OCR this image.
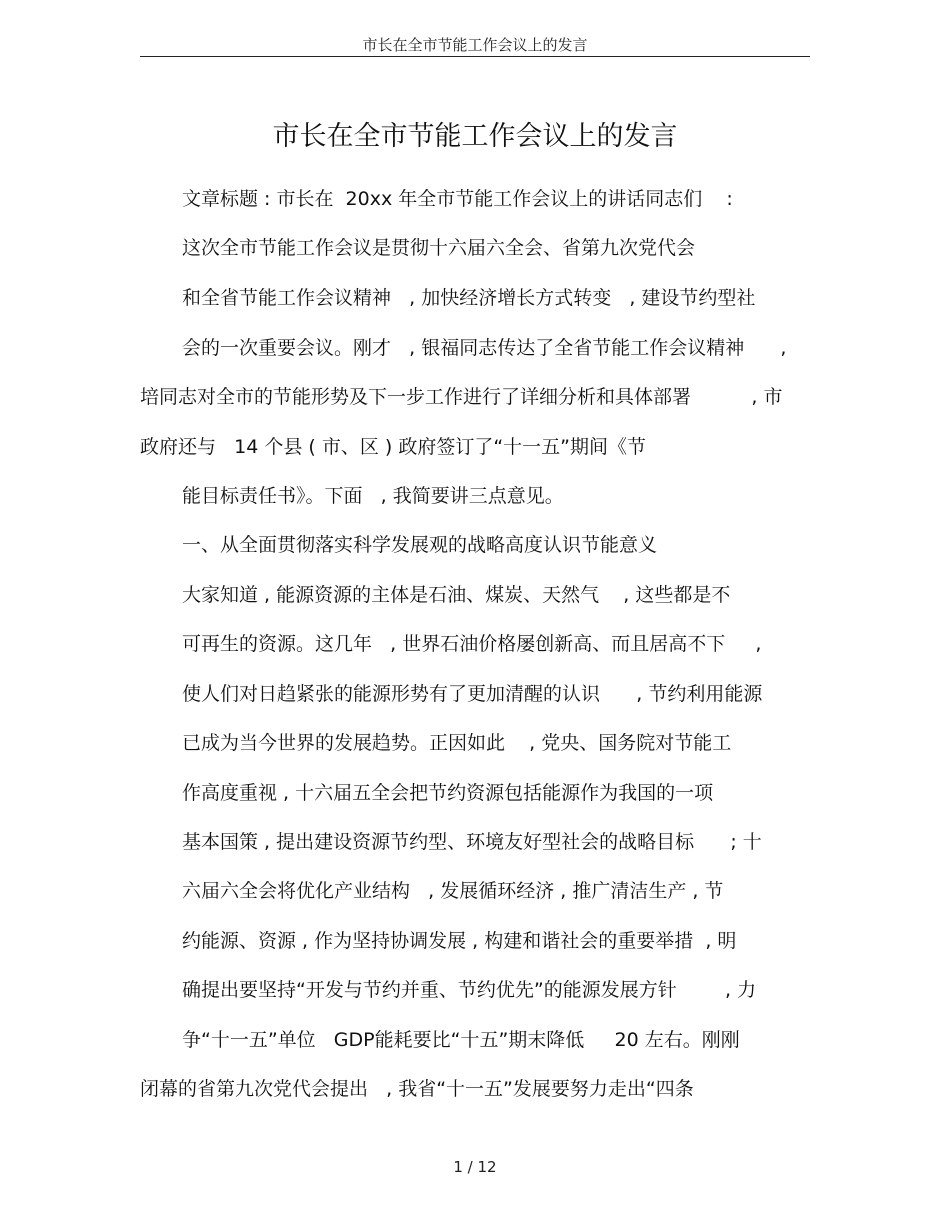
市长在全市节能工作会议上的发言
市长在全市节能工作会议上的发言
文章标题 : 市长在  20xx 年全市节能工作会议上的讲话同志们    :
这次全市节能工作会议是贯彻十六届六全会、省第九次党代会
和全省节能工作会议精神   , 加快经济增长方式转变   , 建设节约型社
会的一次重要会议。刚才   , 银福同志传达了全省节能工作会议精神      ,
培同志对全市的节能形势及下一步工作进行了详细分析和具体部署          , 市
政府还与   14 个县 ( 市、区 ) 政府签订了“十一五”期间《节
能目标责任书》。下面   , 我简要讲三点意见。
一、从全面贯彻落实科学发展观的战略高度认识节能意义
大家知道 , 能源资源的主体是石油、煤炭、天然气    , 这些都是不
可再生的资源。这几年   , 世界石油价格屡创新高、而且居高不下     ,
使人们对日趋紧张的能源形势有了更加清醒的认识      , 节约利用能源
已成为当今世界的发展趋势。正因如此    , 党央、国务院对节能工
作高度重视 , 十六届五全会把节约资源包括能源作为我国的一项
基本国策 , 提出建设资源节约型、环境友好型社会的战略目标      ; 十
六届六全会将优化产业结构   , 发展循环经济 , 推广清洁生产 , 节
约能源、资源 , 作为坚持协调发展 , 构建和谐社会的重要举措  , 明
确提出要坚持“开发与节约并重、节约优先”的能源发展方针        , 力
争“十一五”单位   GDP能耗要比“十五”期末降低     20 左右。刚刚
闭幕的省第九次党代会提出   , 我省“十一五”发展要努力走出“四条
1 / 12
